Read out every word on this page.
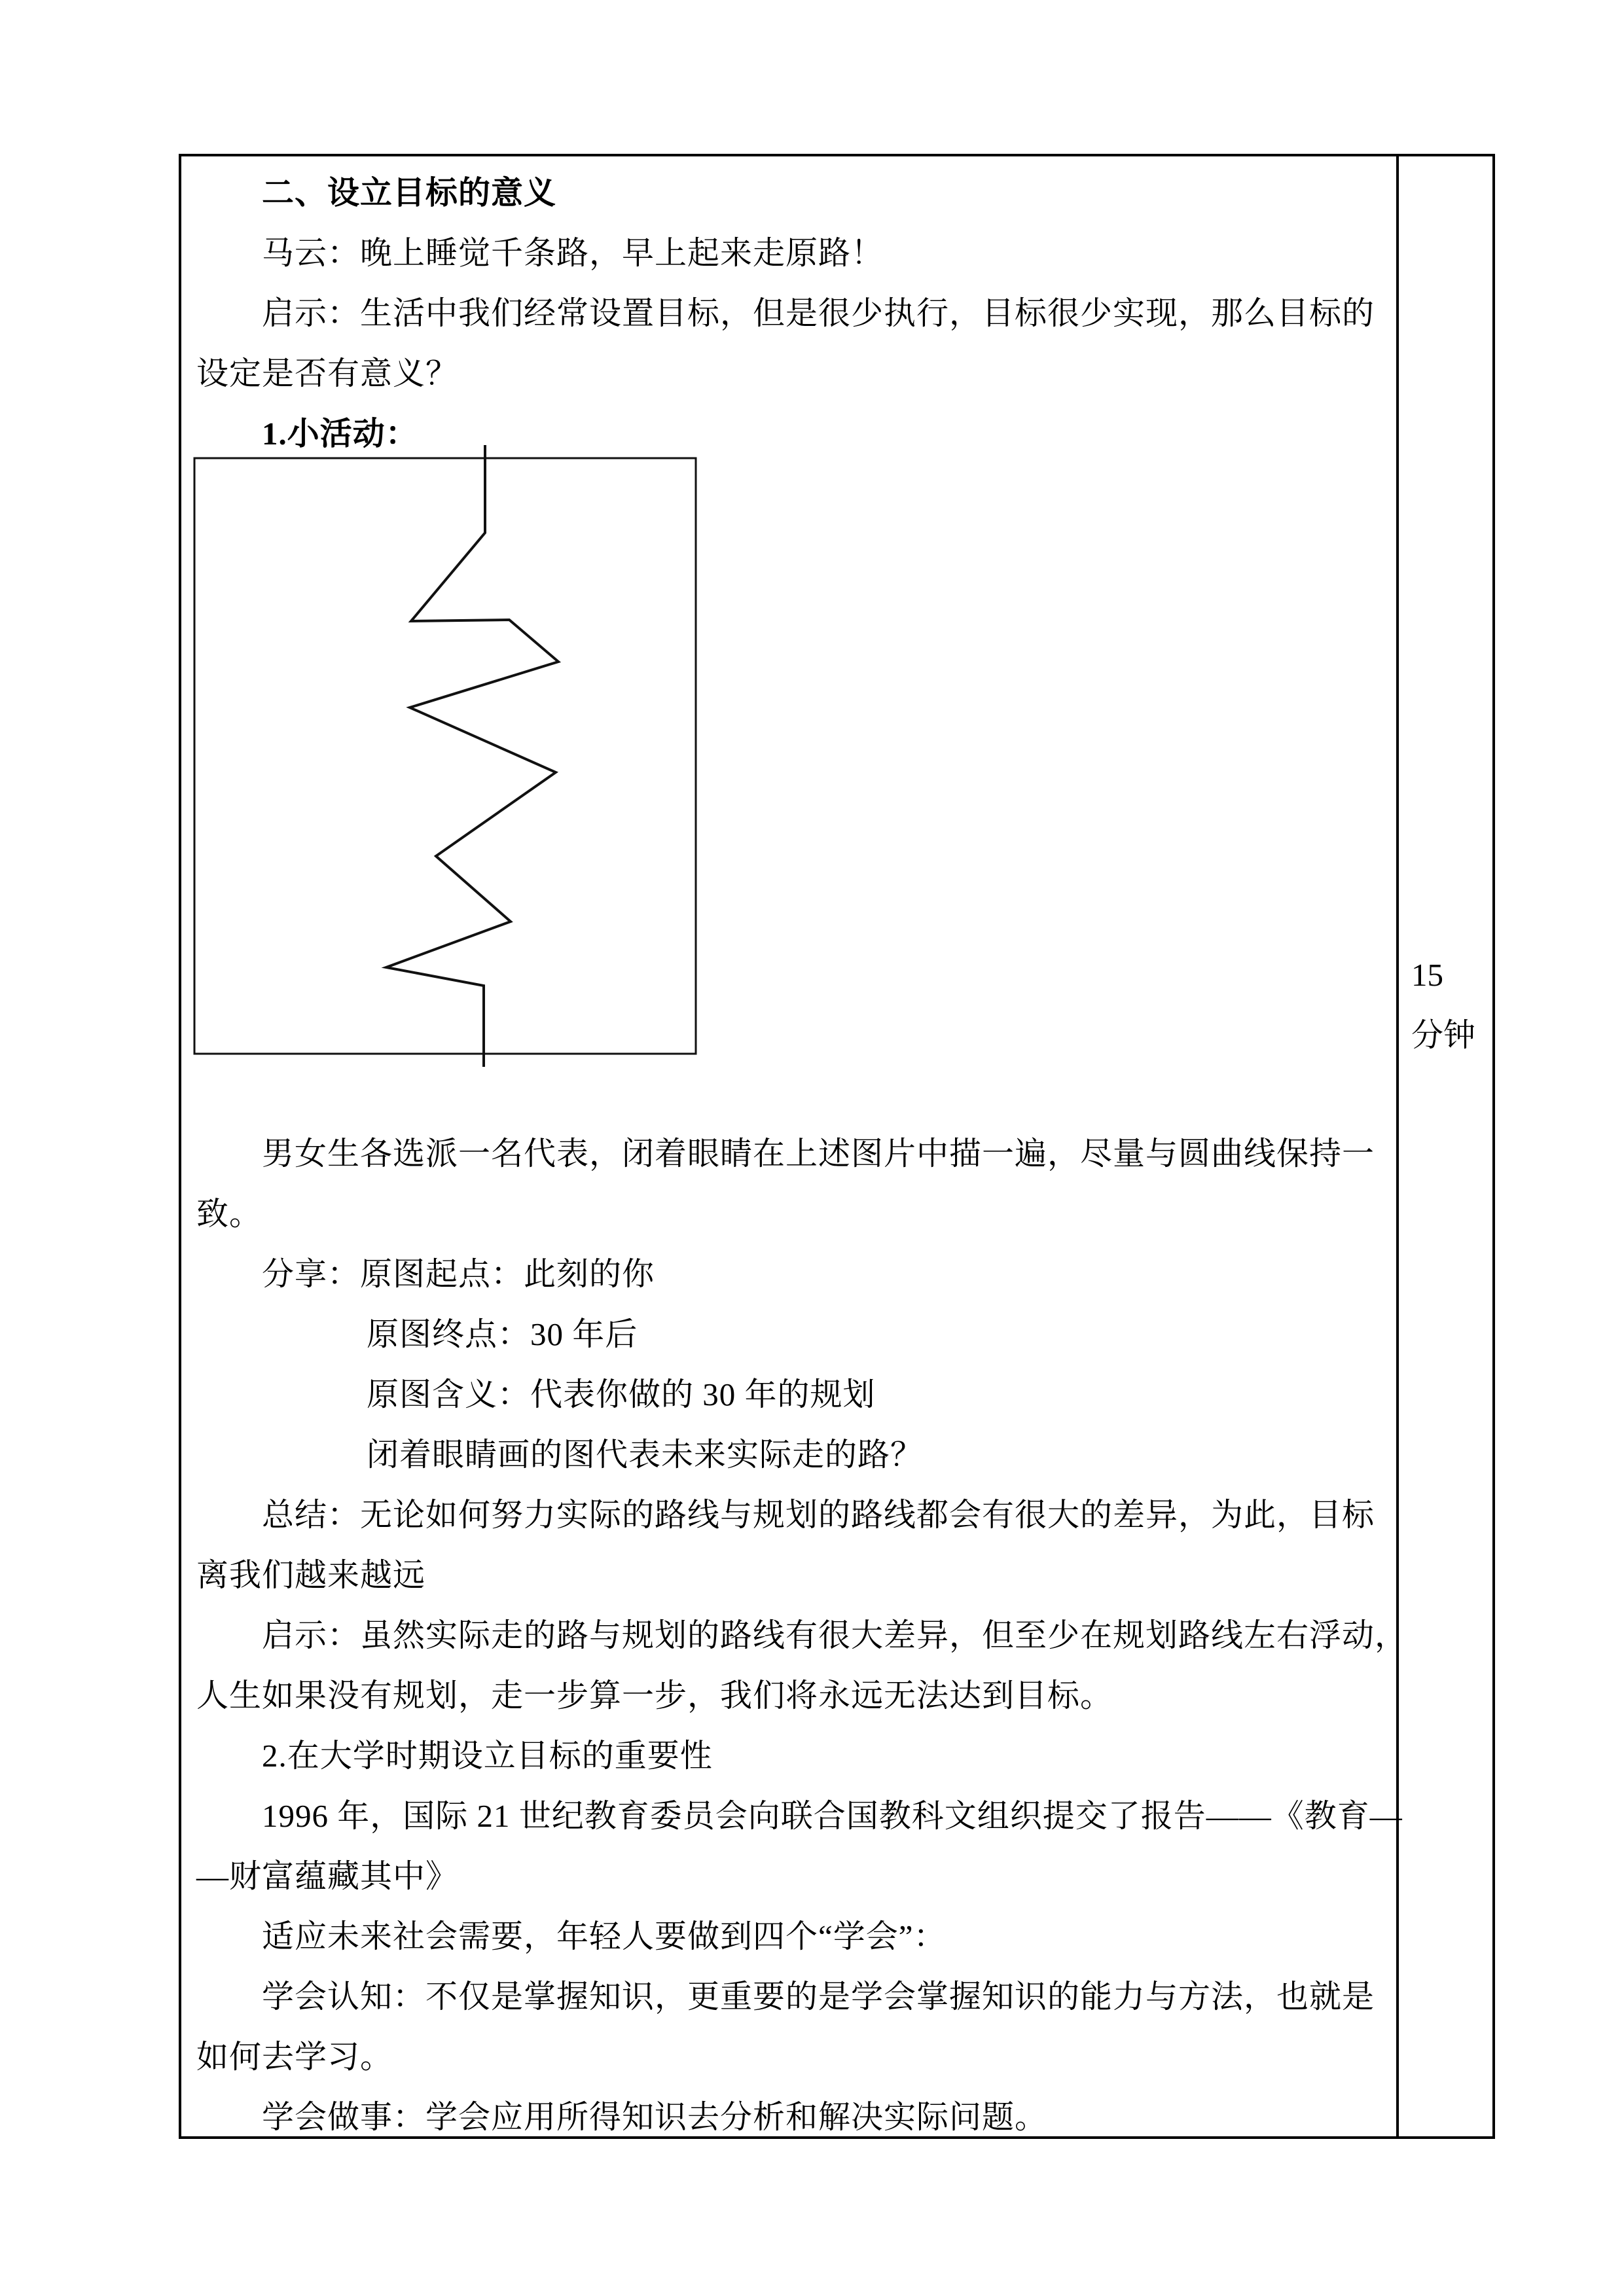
二、设立目标的意义
马云：晚上睡觉千条路，早上起来走原路！
启示：生活中我们经常设置目标，但是很少执行，目标很少实现，那么目标的
设定是否有意义？
1.小活动：
男女生各选派一名代表，闭着眼睛在上述图片中描一遍，尽量与圆曲线保持一
致。
分享：原图起点：此刻的你
原图终点：30 年后
原图含义：代表你做的 30 年的规划
闭着眼睛画的图代表未来实际走的路？
总结：无论如何努力实际的路线与规划的路线都会有很大的差异，为此，目标
离我们越来越远
启示：虽然实际走的路与规划的路线有很大差异，但至少在规划路线左右浮动，
人生如果没有规划，走一步算一步，我们将永远无法达到目标。
2.在大学时期设立目标的重要性
1996 年，国际 21 世纪教育委员会向联合国教科文组织提交了报告——《教育—
—财富蕴藏其中》
适应未来社会需要，年轻人要做到四个“学会”：
学会认知：不仅是掌握知识，更重要的是学会掌握知识的能力与方法，也就是
如何去学习。
学会做事：学会应用所得知识去分析和解决实际问题。
15
分钟
